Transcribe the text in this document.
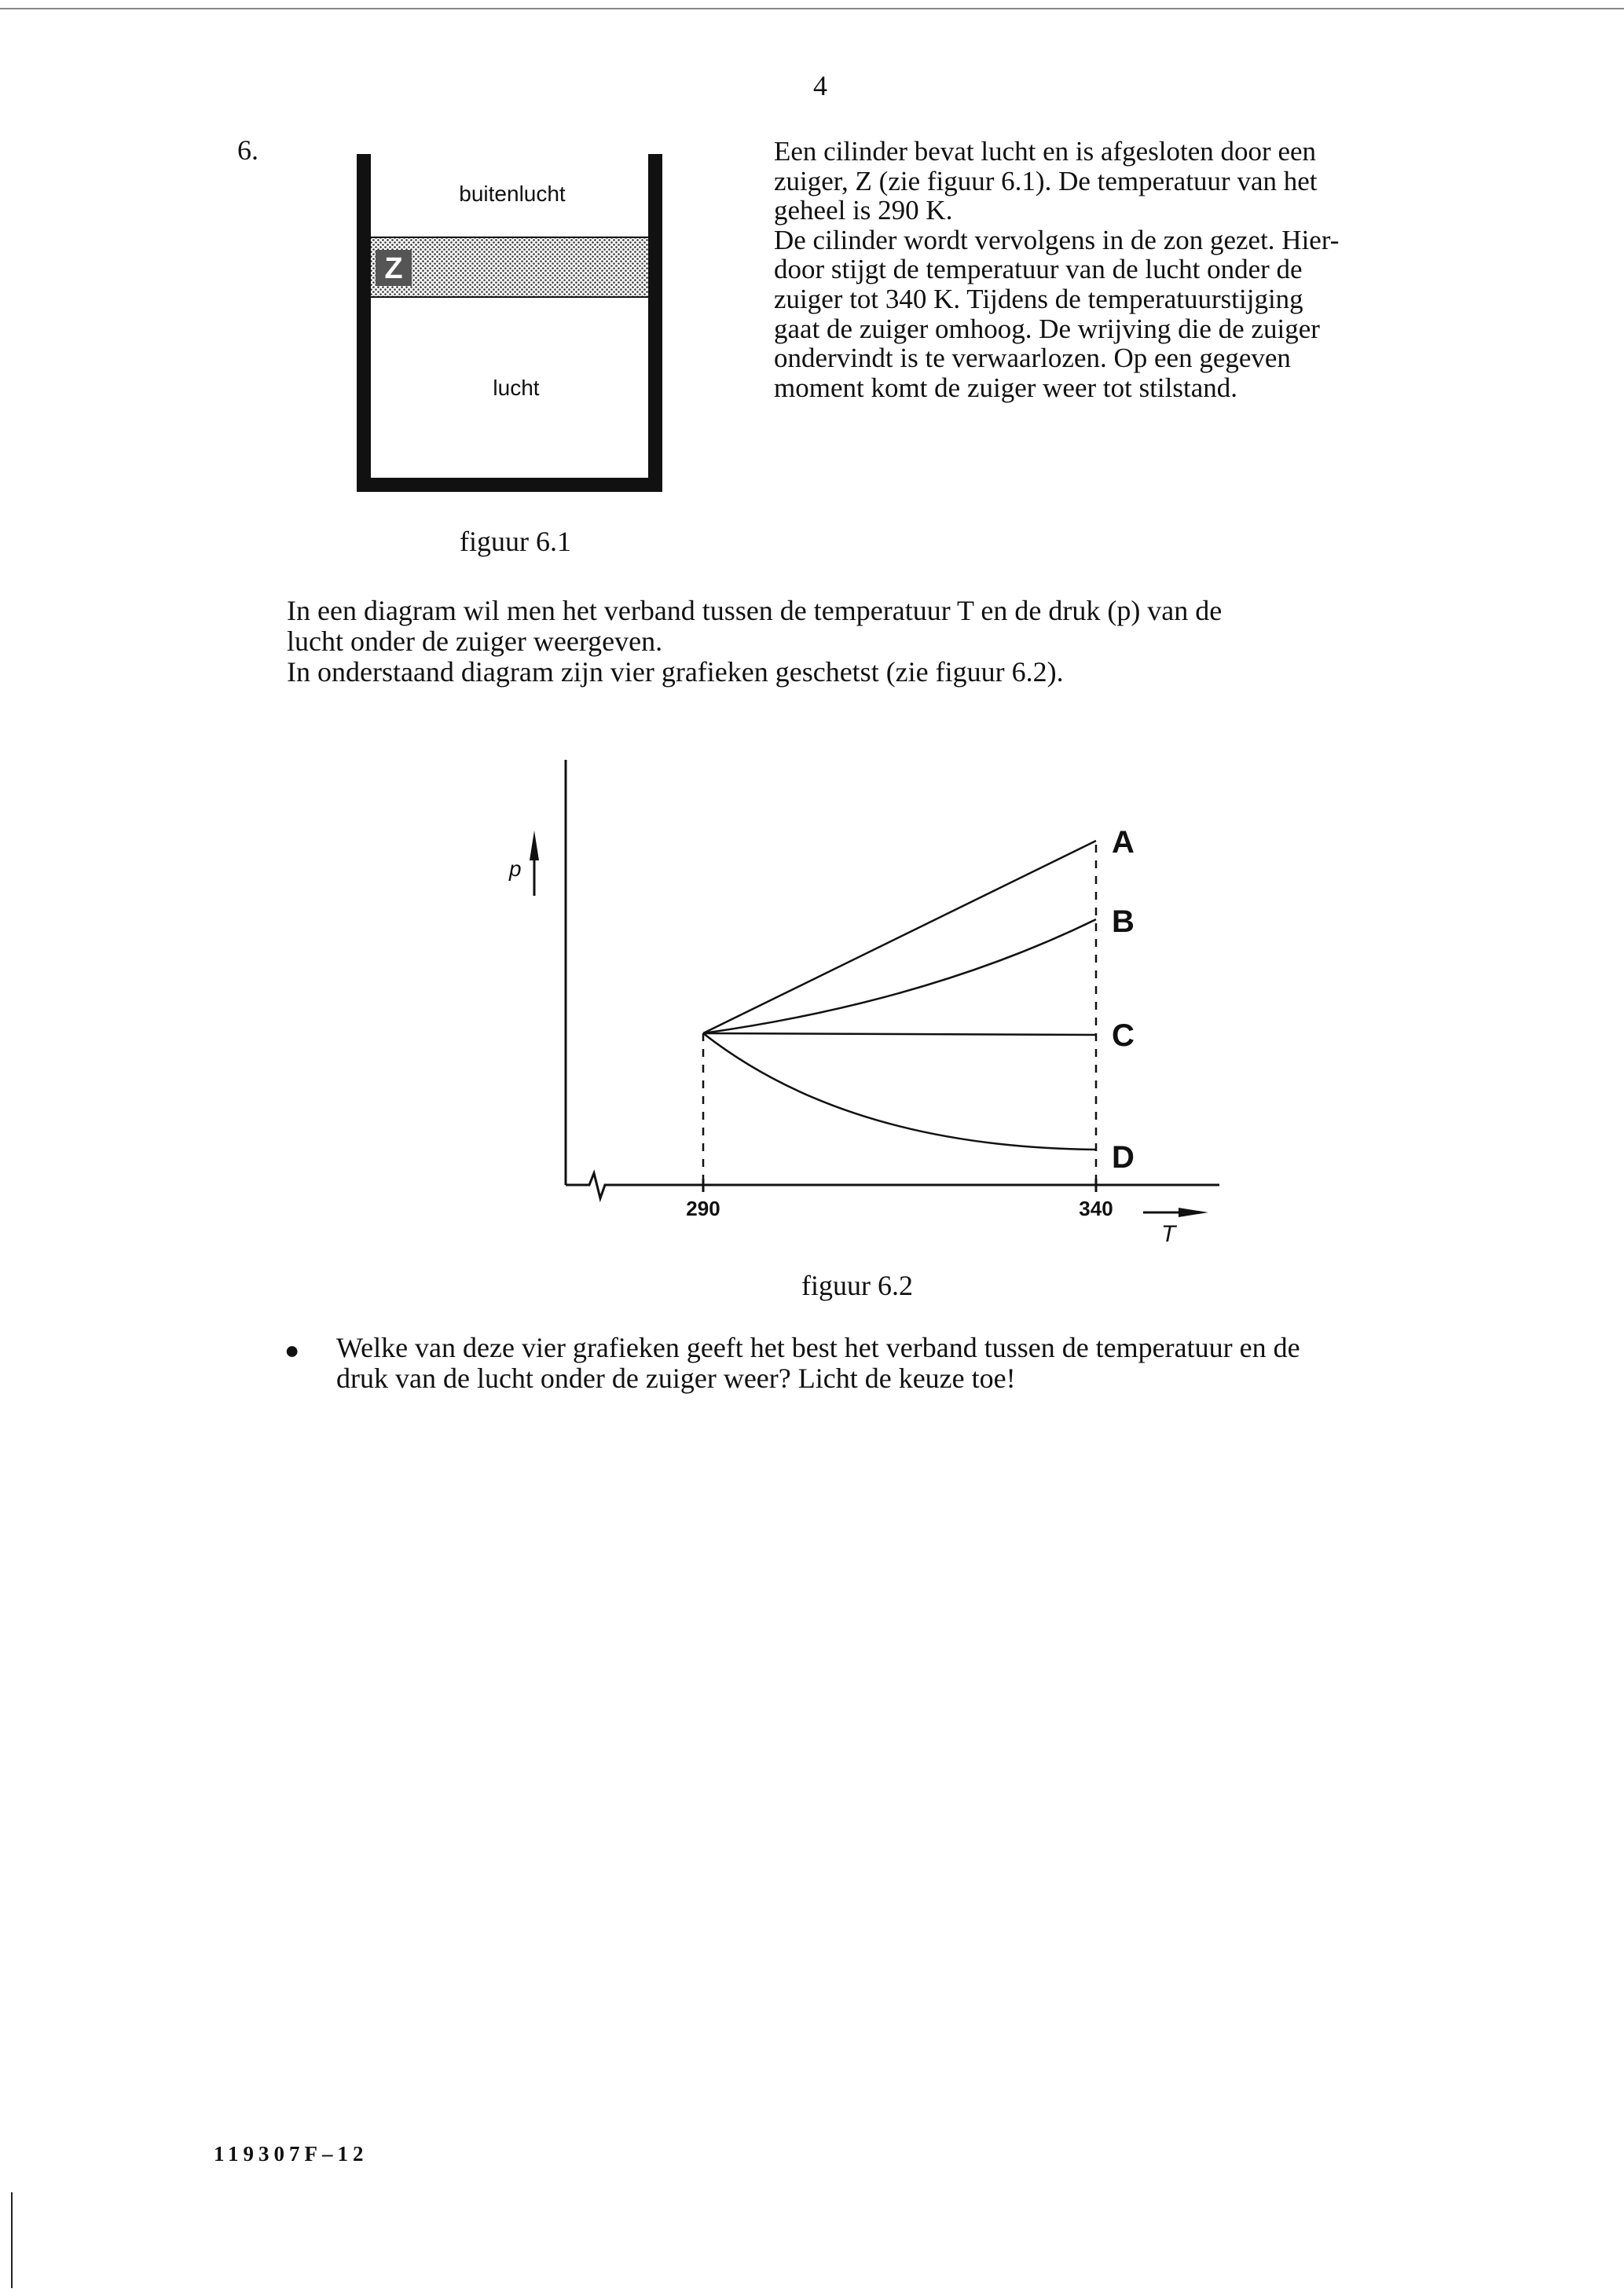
4
6.
Z
buitenlucht
lucht
figuur 6.1
Een cilinder bevat lucht en is afgesloten door een
zuiger, Z (zie figuur 6.1). De temperatuur van het
geheel is 290 K.
De cilinder wordt vervolgens in de zon gezet. Hier-
door stijgt de temperatuur van de lucht onder de
zuiger tot 340 K. Tijdens de temperatuurstijging
gaat de zuiger omhoog. De wrijving die de zuiger
ondervindt is te verwaarlozen. Op een gegeven
moment komt de zuiger weer tot stilstand.
In een diagram wil men het verband tussen de temperatuur T en de druk (p) van de
lucht onder de zuiger weergeven.
In onderstaand diagram zijn vier grafieken geschetst (zie figuur 6.2).
p
T
290	340
A
B
C
D
figuur 6.2
● Welke van deze vier grafieken geeft het best het verband tussen de temperatuur en de
druk van de lucht onder de zuiger weer? Licht de keuze toe!
119307F–12
